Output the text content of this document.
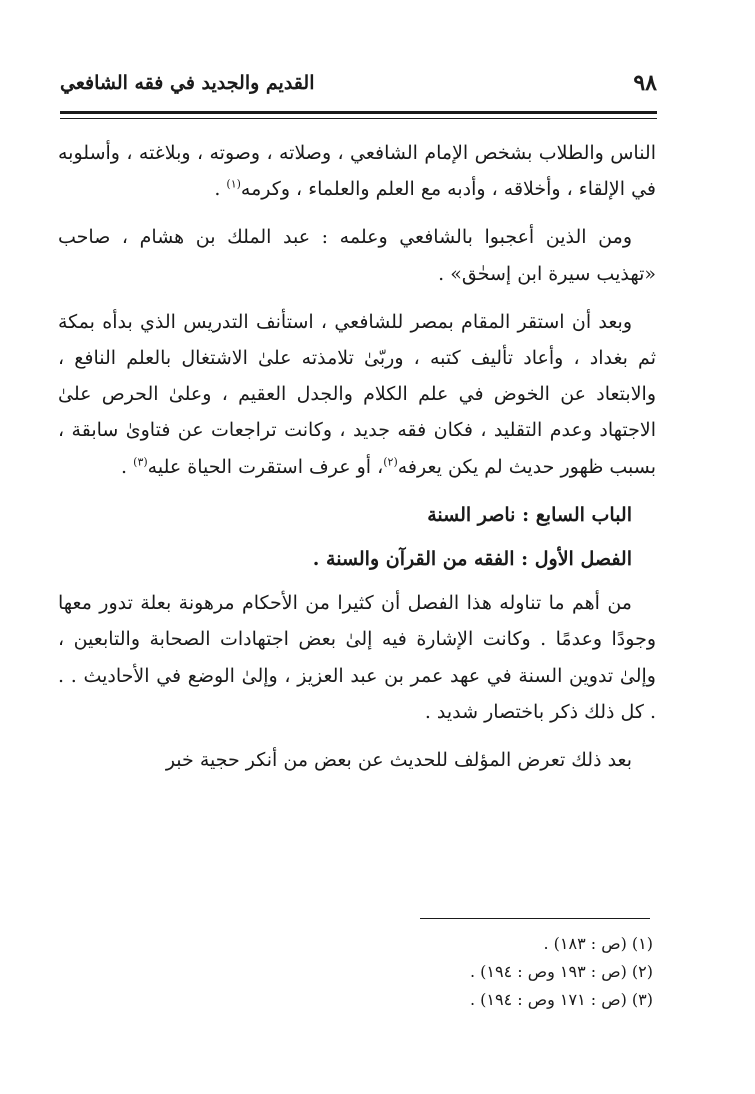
٩٨
القديم والجديد في فقه الشافعي

الناس والطلاب بشخص الإمام الشافعي ، وصلاته ، وصوته ، وبلاغته ، وأسلوبه في الإلقاء ، وأخلاقه ، وأدبه مع العلم والعلماء ، وكرمه$^{(١)}$ .

ومن الذين أعجبوا بالشافعي وعلمه : عبد الملك بن هشام ، صاحب «تهذيب سيرة ابن إسحٰق» .

وبعد أن استقر المقام بمصر للشافعي ، استأنف التدريس الذي بدأه بمكة ثم بغداد ، وأعاد تأليف كتبه ، وربّىٰ تلامذته علىٰ الاشتغال بالعلم النافع ، والابتعاد عن الخوض في علم الكلام والجدل العقيم ، وعلىٰ الحرص علىٰ الاجتهاد وعدم التقليد ، فكان فقه جديد ، وكانت تراجعات عن فتاوىٰ سابقة ، بسبب ظهور حديث لم يكن يعرفه$^{(٢)}$، أو عرف استقرت الحياة عليه$^{(٣)}$ .

الباب السابع : ناصر السنة

الفصل الأول : الفقه من القرآن والسنة .

من أهم ما تناوله هذا الفصل أن كثيرا من الأحكام مرهونة بعلة تدور معها وجودًا وعدمًا . وكانت الإشارة فيه إلىٰ بعض اجتهادات الصحابة والتابعين ، وإلىٰ تدوين السنة في عهد عمر بن عبد العزيز ، وإلىٰ الوضع في الأحاديث . . . كل ذلك ذكر باختصار شديد .

بعد ذلك تعرض المؤلف للحديث عن بعض من أنكر حجية خبر

(١) (ص : ١٨٣) .
(٢) (ص : ١٩٣ وص : ١٩٤) .
(٣) (ص : ١٧١ وص : ١٩٤) .
